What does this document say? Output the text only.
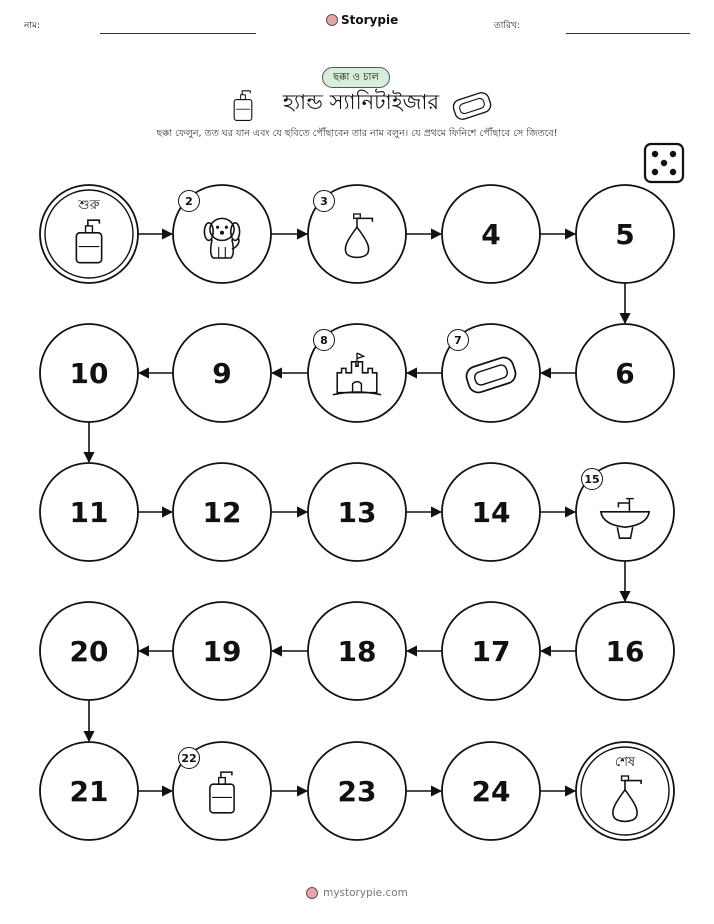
নাম:	Storypie	তারিখ:
ছক্কা ও চাল
হ্যান্ড স্যানিটাইজার
ছক্কা ফেলুন, তত ঘর যান এবং যে ছবিতে পৌঁছাবেন তার নাম বলুন। যে প্রথমে ফিনিশে পৌঁছাবে সে জিতবে!
শুরু	2	3
4	5
6
7
8
9
10
11	12	13	14
15
16
17
18
19
20
21
22
23	24
শেষ
mystorypie.com
